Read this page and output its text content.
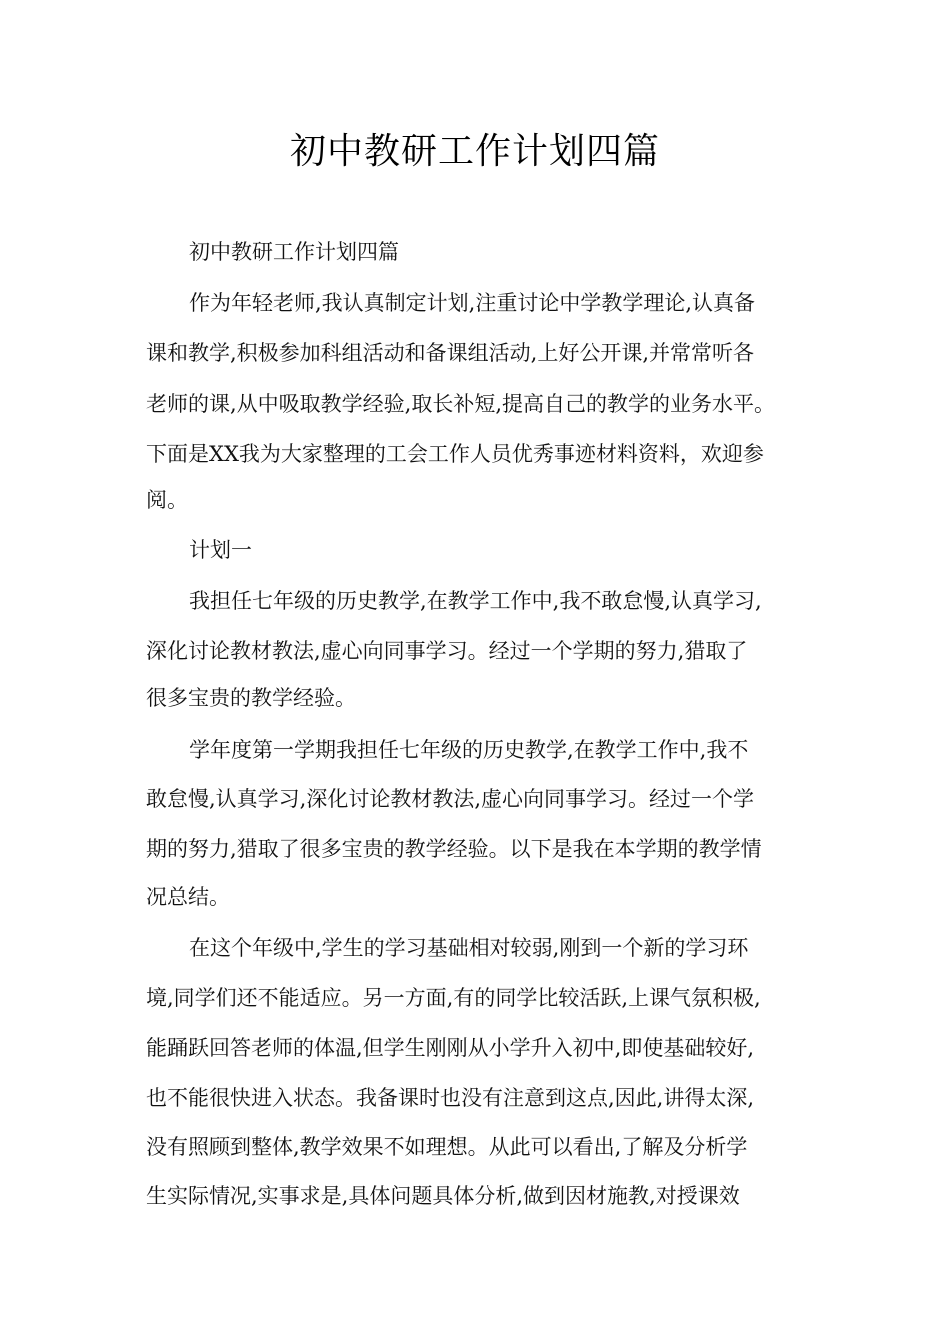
初中教研工作计划四篇
初中教研工作计划四篇
作为年轻老师,我认真制定计划,注重讨论中学教学理论,认真备
课和教学,积极参加科组活动和备课组活动,上好公开课,并常常听各
老师的课,从中吸取教学经验,取长补短,提高自己的教学的业务水平。
下面是XX我为大家整理的工会工作人员优秀事迹材料资料，欢迎参
阅。
计划一
我担任七年级的历史教学,在教学工作中,我不敢怠慢,认真学习,
深化讨论教材教法,虚心向同事学习。经过一个学期的努力,猎取了
很多宝贵的教学经验。
学年度第一学期我担任七年级的历史教学,在教学工作中,我不
敢怠慢,认真学习,深化讨论教材教法,虚心向同事学习。经过一个学
期的努力,猎取了很多宝贵的教学经验。以下是我在本学期的教学情
况总结。
在这个年级中,学生的学习基础相对较弱,刚到一个新的学习环
境,同学们还不能适应。另一方面,有的同学比较活跃,上课气氛积极,
能踊跃回答老师的体温,但学生刚刚从小学升入初中,即使基础较好,
也不能很快进入状态。我备课时也没有注意到这点,因此,讲得太深,
没有照顾到整体,教学效果不如理想。从此可以看出,了解及分析学
生实际情况,实事求是,具体问题具体分析,做到因材施教,对授课效
